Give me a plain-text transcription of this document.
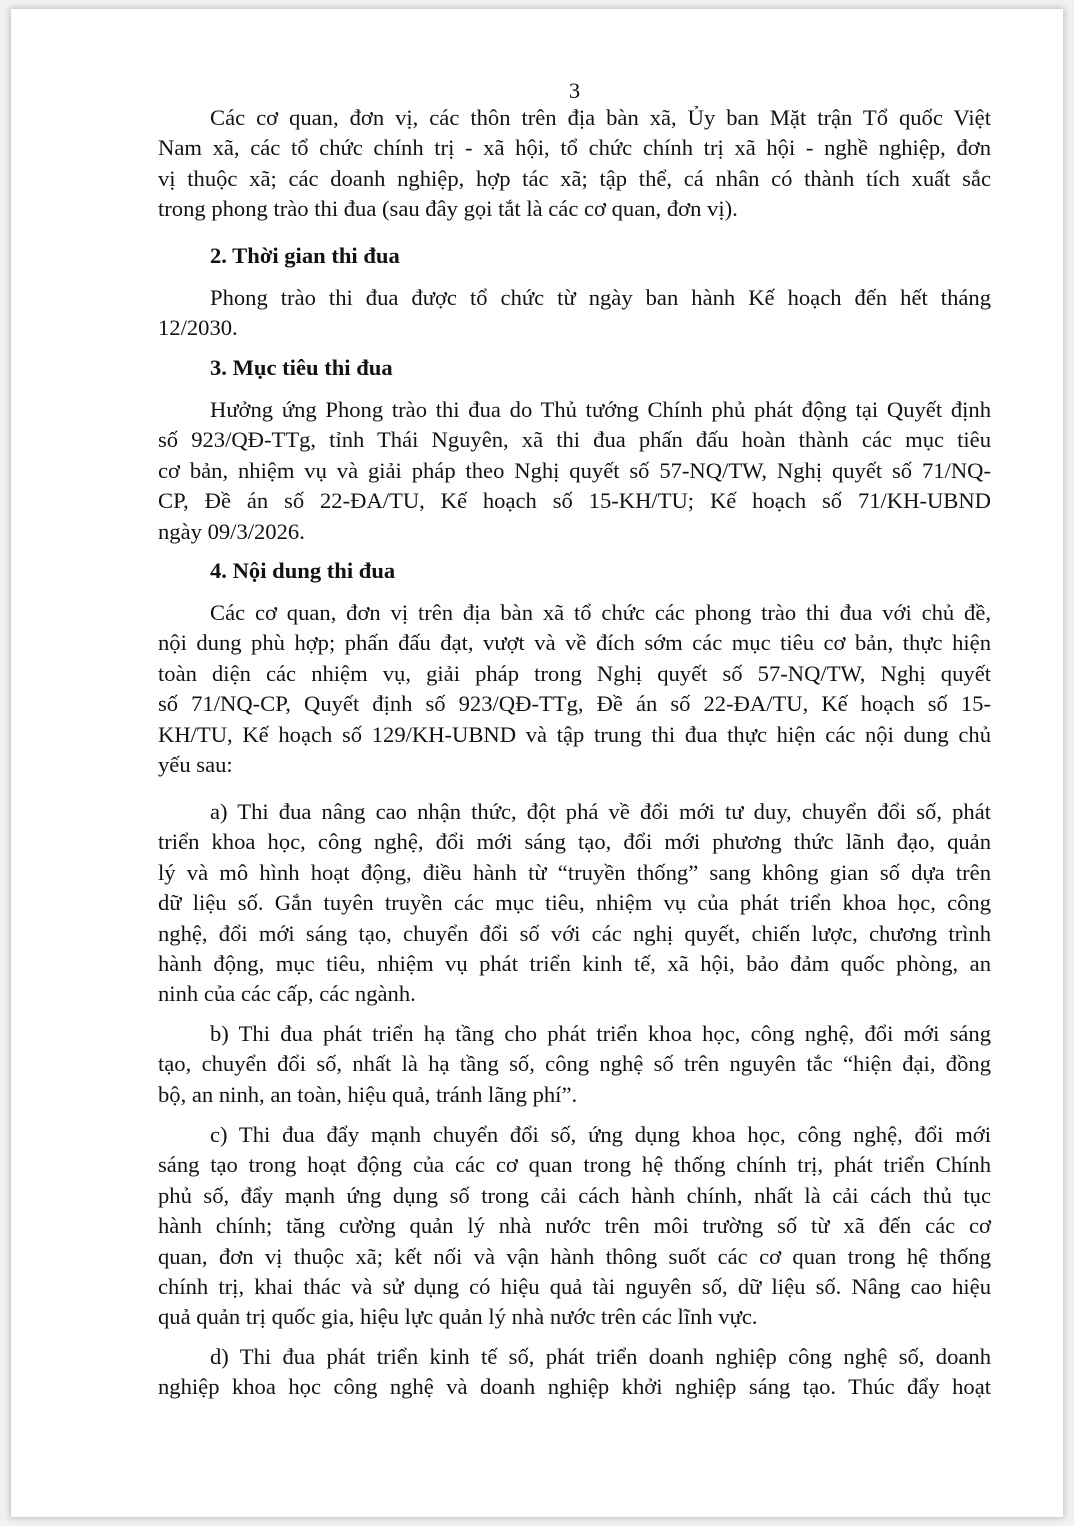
3
Các cơ quan, đơn vị, các thôn trên địa bàn xã, Ủy ban Mặt trận Tổ quốc Việt
Nam xã, các tổ chức chính trị - xã hội, tổ chức chính trị xã hội - nghề nghiệp, đơn
vị thuộc xã; các doanh nghiệp, hợp tác xã; tập thể, cá nhân có thành tích xuất sắc
trong phong trào thi đua (sau đây gọi tắt là các cơ quan, đơn vị).
2. Thời gian thi đua
Phong trào thi đua được tổ chức từ ngày ban hành Kế hoạch đến hết tháng
12/2030.
3. Mục tiêu thi đua
Hưởng ứng Phong trào thi đua do Thủ tướng Chính phủ phát động tại Quyết định
số 923/QĐ-TTg, tỉnh Thái Nguyên, xã thi đua phấn đấu hoàn thành các mục tiêu
cơ bản, nhiệm vụ và giải pháp theo Nghị quyết số 57-NQ/TW, Nghị quyết số 71/NQ-
CP, Đề án số 22-ĐA/TU, Kế hoạch số 15-KH/TU; Kế hoạch số 71/KH-UBND
ngày 09/3/2026.
4. Nội dung thi đua
Các cơ quan, đơn vị trên địa bàn xã tổ chức các phong trào thi đua với chủ đề,
nội dung phù hợp; phấn đấu đạt, vượt và về đích sớm các mục tiêu cơ bản, thực hiện
toàn diện các nhiệm vụ, giải pháp trong Nghị quyết số 57-NQ/TW, Nghị quyết
số 71/NQ-CP, Quyết định số 923/QĐ-TTg, Đề án số 22-ĐA/TU, Kế hoạch số 15-
KH/TU, Kế hoạch số 129/KH-UBND và tập trung thi đua thực hiện các nội dung chủ
yếu sau:
a) Thi đua nâng cao nhận thức, đột phá về đổi mới tư duy, chuyển đổi số, phát
triển khoa học, công nghệ, đổi mới sáng tạo, đổi mới phương thức lãnh đạo, quản
lý và mô hình hoạt động, điều hành từ “truyền thống” sang không gian số dựa trên
dữ liệu số. Gắn tuyên truyền các mục tiêu, nhiệm vụ của phát triển khoa học, công
nghệ, đổi mới sáng tạo, chuyển đổi số với các nghị quyết, chiến lược, chương trình
hành động, mục tiêu, nhiệm vụ phát triển kinh tế, xã hội, bảo đảm quốc phòng, an
ninh của các cấp, các ngành.
b) Thi đua phát triển hạ tầng cho phát triển khoa học, công nghệ, đổi mới sáng
tạo, chuyển đổi số, nhất là hạ tầng số, công nghệ số trên nguyên tắc “hiện đại, đồng
bộ, an ninh, an toàn, hiệu quả, tránh lãng phí”.
c) Thi đua đẩy mạnh chuyển đổi số, ứng dụng khoa học, công nghệ, đổi mới
sáng tạo trong hoạt động của các cơ quan trong hệ thống chính trị, phát triển Chính
phủ số, đẩy mạnh ứng dụng số trong cải cách hành chính, nhất là cải cách thủ tục
hành chính; tăng cường quản lý nhà nước trên môi trường số từ xã đến các cơ
quan, đơn vị thuộc xã; kết nối và vận hành thông suốt các cơ quan trong hệ thống
chính trị, khai thác và sử dụng có hiệu quả tài nguyên số, dữ liệu số. Nâng cao hiệu
quả quản trị quốc gia, hiệu lực quản lý nhà nước trên các lĩnh vực.
d) Thi đua phát triển kinh tế số, phát triển doanh nghiệp công nghệ số, doanh
nghiệp khoa học công nghệ và doanh nghiệp khởi nghiệp sáng tạo. Thúc đẩy hoạt
